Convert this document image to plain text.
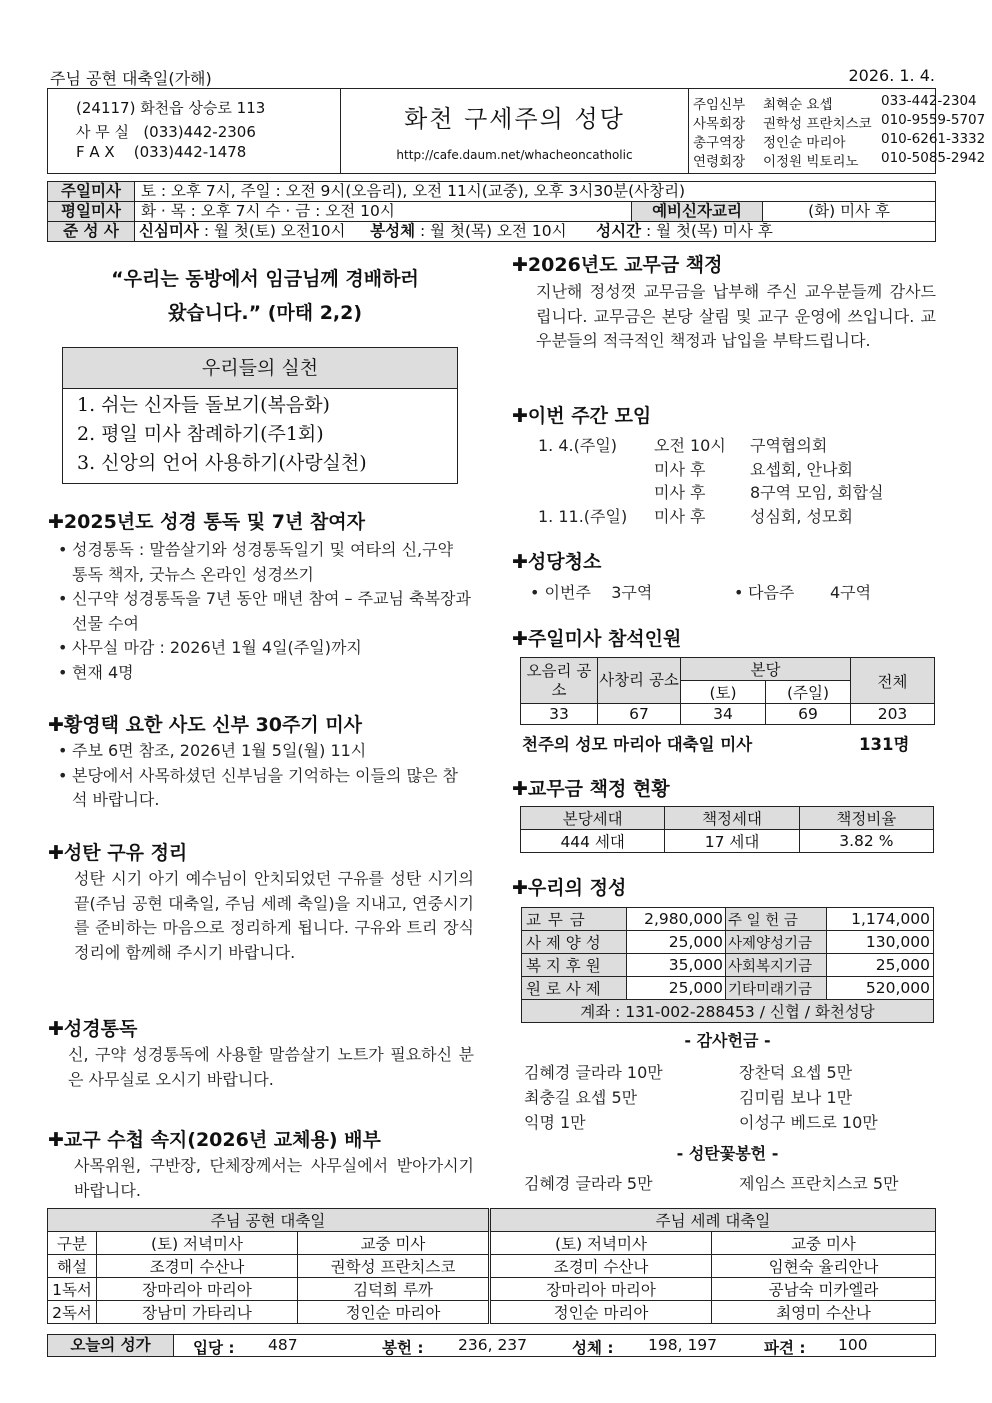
주님 공현 대축일(가해)	2026. 1. 4.
(24117) 화천읍 상승로 113
사 무 실 (033)442-2306
F A X (033)442-1478
화천 구세주의 성당
http://cafe.daum.net/whacheoncatholic
주임신부 최혁순 요셉	033-442-2304
사목회장 권학성 프란치스코 010-9559-5707
총구역장 정인순 마리아	010-6261-3332
연령회장 이정원 빅토리노 010-5085-2942
주일미사	토 : 오후 7시, 주일 : 오전 9시(오음리), 오전 11시(교중), 오후 3시30분(사창리)		
평일미사	화 · 목 : 오후 7시 수 · 금 : 오전 10시	예비신자교리	(화) 미사 후
준 성 사	신심미사 : 월 첫(토) 오전10시 봉성체 : 월 첫(목) 오전 10시 성시간 : 월 첫(목) 미사 후		
“우리는 동방에서 임금님께 경배하러
왔습니다.” (마태 2,2)
우리들의 실천
1. 쉬는 신자들 돌보기(복음화)
2. 평일 미사 참례하기(주1회)
3. 신앙의 언어 사용하기(사랑실천)
✚2025년도 성경 통독 및 7년 참여자
• 성경통독 : 말씀살기와 성경통독일기 및 여타의 신,구약 통독 책자, 굿뉴스 온라인 성경쓰기
• 신구약 성경통독을 7년 동안 매년 참여 – 주교님 축복장과 선물 수여
• 사무실 마감 : 2026년 1월 4일(주일)까지
• 현재 4명
✚황영택 요한 사도 신부 30주기 미사
• 주보 6면 참조, 2026년 1월 5일(월) 11시
• 본당에서 사목하셨던 신부님을 기억하는 이들의 많은 참석 바랍니다.
✚성탄 구유 정리
성탄 시기 아기 예수님이 안치되었던 구유를 성탄 시기의 끝(주님 공현 대축일, 주님 세례 축일)을 지내고, 연중시기를 준비하는 마음으로 정리하게 됩니다. 구유와 트리 장식 정리에 함께해 주시기 바랍니다.
✚성경통독
신, 구약 성경통독에 사용할 말씀살기 노트가 필요하신 분은 사무실로 오시기 바랍니다.
✚교구 수첩 속지(2026년 교체용) 배부
사목위원, 구반장, 단체장께서는 사무실에서 받아가시기 바랍니다.
✚2026년도 교무금 책정
지난해 정성껏 교무금을 납부해 주신 교우분들께 감사드립니다. 교무금은 본당 살림 및 교구 운영에 쓰입니다. 교우분들의 적극적인 책정과 납입을 부탁드립니다.
✚이번 주간 모임
1. 4.(주일) 오전 10시 구역협의회
미사 후	요셉회, 안나회
미사 후	8구역 모임, 회합실
1. 11.(주일) 미사 후	성심회, 성모회
✚성당청소
• 이번주 3구역	• 다음주 4구역
✚주일미사 참석인원
오음리 공소	사창리 공소	본당		전체
		(토)	(주일)	
33	67	34	69	203
천주의 성모 마리아 대축일 미사	131명
✚교무금 책정 현황
본당세대	책정세대	책정비율
444 세대	17 세대	3.82 %
✚우리의 정성
교 무 금	2,980,000	주 일 헌 금	1,174,000
사 제 양 성	25,000	사제양성기금	130,000
복 지 후 원	35,000	사회복지기금	25,000
원 로 사 제	25,000	기타미래기금	520,000
계좌 : 131-002-288453 / 신협 / 화천성당			
- 감사헌금 -
김혜경 글라라 10만	장찬덕 요셉 5만
최충길 요셉 5만	김미림 보나 1만
익명 1만	이성구 베드로 10만
- 성탄꽃봉헌 -
김혜경 글라라 5만	제임스 프란치스코 5만
주님 공현 대축일			주님 세례 대축일	
구분	(토) 저녁미사	교중 미사	(토) 저녁미사	교중 미사
해설	조경미 수산나	권학성 프란치스코	조경미 수산나	임현숙 율리안나
1독서	장마리아 마리아	김덕희 루까	장마리아 마리아	공남숙 미카엘라
2독서	장남미 가타리나	정인순 마리아	정인순 마리아	최영미 수산나
오늘의 성가	입당 : 487	봉헌 : 236, 237	성체 : 198, 197	파견 : 100
